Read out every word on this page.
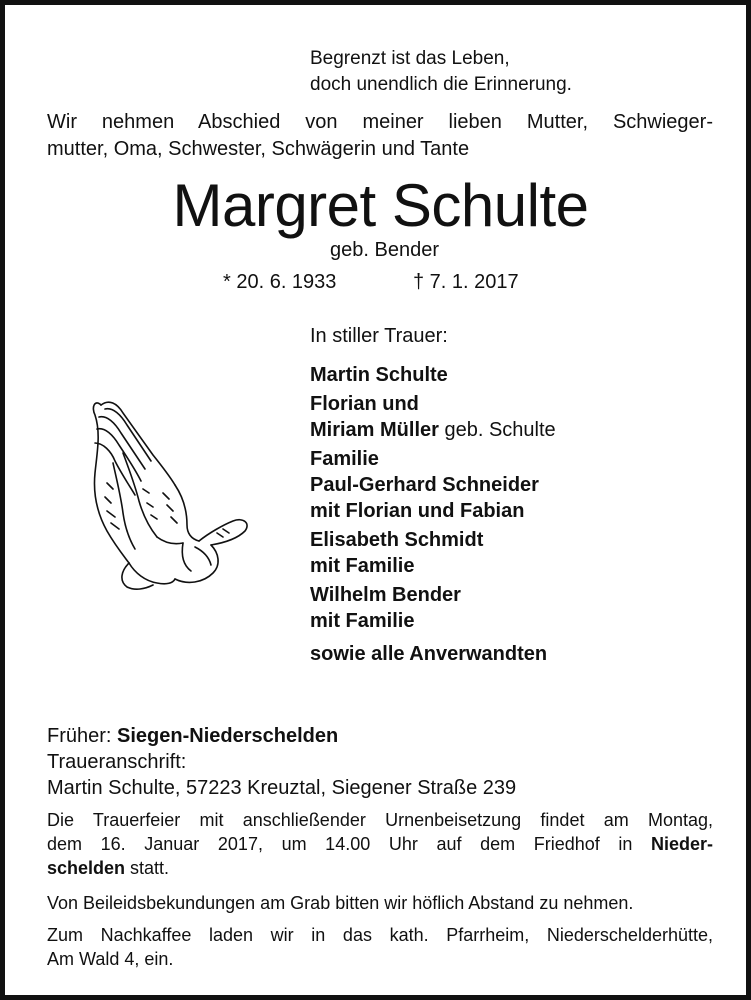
Begrenzt ist das Leben,
doch unendlich die Erinnerung.
Wir nehmen Abschied von meiner lieben Mutter, Schwieger-
mutter, Oma, Schwester, Schwägerin und Tante
Margret Schulte
geb. Bender
* 20. 6. 1933	† 7. 1. 2017
In stiller Trauer:
Martin Schulte
Florian und
Miriam Müller geb. Schulte
Familie
Paul-Gerhard Schneider
mit Florian und Fabian
Elisabeth Schmidt
mit Familie
Wilhelm Bender
mit Familie
sowie alle Anverwandten
Früher: Siegen-Niederschelden
Traueranschrift:
Martin Schulte, 57223 Kreuztal, Siegener Straße 239
Die Trauerfeier mit anschließender Urnenbeisetzung findet am Montag,
dem 16. Januar 2017, um 14.00 Uhr auf dem Friedhof in Nieder-
schelden statt.
Von Beileidsbekundungen am Grab bitten wir höflich Abstand zu nehmen.
Zum Nachkaffee laden wir in das kath. Pfarrheim, Niederschelderhütte,
Am Wald 4, ein.
